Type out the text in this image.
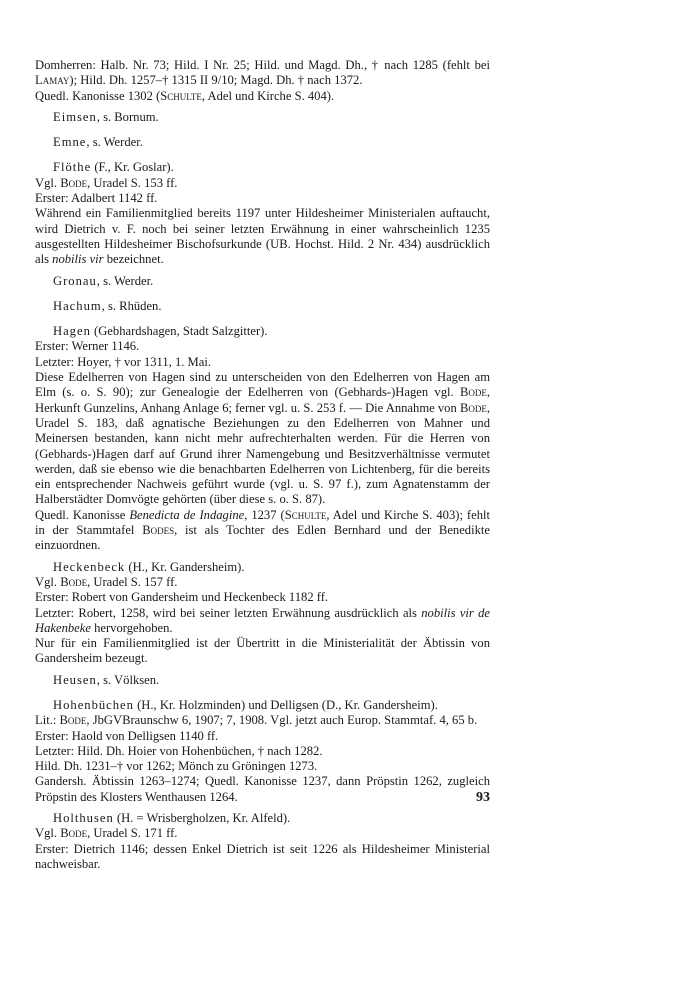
Domherren: Halb. Nr. 73; Hild. I Nr. 25; Hild. und Magd. Dh., † nach 1285 (fehlt bei Lamay); Hild. Dh. 1257–† 1315 II 9/10; Magd. Dh. † nach 1372.

Quedl. Kanonisse 1302 (Schulte, Adel und Kirche S. 404).

Eimsen, s. Bornum.

Emne, s. Werder.

Flöthe (F., Kr. Goslar).

Vgl. Bode, Uradel S. 153 ff.

Erster: Adalbert 1142 ff.

Während ein Familienmitglied bereits 1197 unter Hildesheimer Ministerialen auftaucht, wird Dietrich v. F. noch bei seiner letzten Erwähnung in einer wahrscheinlich 1235 ausgestellten Hildesheimer Bischofsurkunde (UB. Hochst. Hild. 2 Nr. 434) ausdrücklich als nobilis vir bezeichnet.

Gronau, s. Werder.

Hachum, s. Rhüden.

Hagen (Gebhardshagen, Stadt Salzgitter).

Erster: Werner 1146.

Letzter: Hoyer, † vor 1311, 1. Mai.

Diese Edelherren von Hagen sind zu unterscheiden von den Edelherren von Hagen am Elm (s. o. S. 90); zur Genealogie der Edelherren von (Gebhards-)Hagen vgl. Bode, Herkunft Gunzelins, Anhang Anlage 6; ferner vgl. u. S. 253 f. — Die Annahme von Bode, Uradel S. 183, daß agnatische Beziehungen zu den Edelherren von Mahner und Meinersen bestanden, kann nicht mehr aufrechterhalten werden. Für die Herren von (Gebhards-)Hagen darf auf Grund ihrer Namengebung und Besitzverhältnisse vermutet werden, daß sie ebenso wie die benachbarten Edelherren von Lichtenberg, für die bereits ein entsprechender Nachweis geführt wurde (vgl. u. S. 97 f.), zum Agnatenstamm der Halberstädter Domvögte gehörten (über diese s. o. S. 87).

Quedl. Kanonisse Benedicta de Indagine, 1237 (Schulte, Adel und Kirche S. 403); fehlt in der Stammtafel Bodes, ist als Tochter des Edlen Bernhard und der Benedikte einzuordnen.

Heckenbeck (H., Kr. Gandersheim).

Vgl. Bode, Uradel S. 157 ff.

Erster: Robert von Gandersheim und Heckenbeck 1182 ff.

Letzter: Robert, 1258, wird bei seiner letzten Erwähnung ausdrücklich als nobilis vir de Hakenbeke hervorgehoben.

Nur für ein Familienmitglied ist der Übertritt in die Ministerialität der Äbtissin von Gandersheim bezeugt.

Heusen, s. Völksen.

Hohenbüchen (H., Kr. Holzminden) und Delligsen (D., Kr. Gandersheim).

Lit.: Bode, JbGVBraunschw 6, 1907; 7, 1908. Vgl. jetzt auch Europ. Stammtaf. 4, 65 b.

Erster: Haold von Delligsen 1140 ff.

Letzter: Hild. Dh. Hoier von Hohenbüchen, † nach 1282.

Hild. Dh. 1231–† vor 1262; Mönch zu Gröningen 1273.

Gandersh. Äbtissin 1263–1274; Quedl. Kanonisse 1237, dann Pröpstin 1262, zugleich Pröpstin des Klosters Wenthausen 1264.

Holthusen (H. = Wrisbergholzen, Kr. Alfeld).

Vgl. Bode, Uradel S. 171 ff.

Erster: Dietrich 1146; dessen Enkel Dietrich ist seit 1226 als Hildesheimer Ministerial nachweisbar.

93
